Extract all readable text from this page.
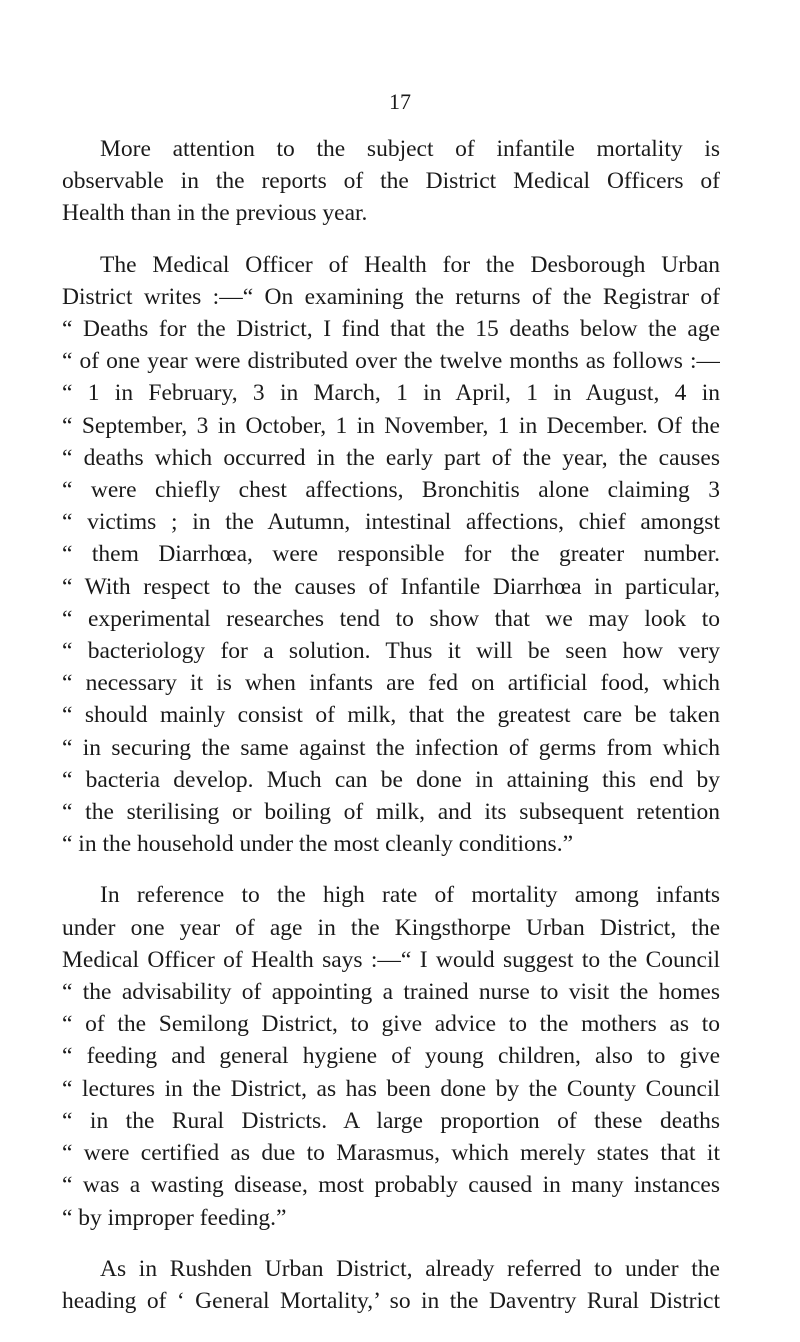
17
More attention to the subject of infantile mortality is
observable in the reports of the District Medical Officers of
Health than in the previous year.
The Medical Officer of Health for the Desborough Urban
District writes :—“ On examining the returns of the Registrar of
“ Deaths for the District, I find that the 15 deaths below the age
“ of one year were distributed over the twelve months as follows :—
“ 1 in February, 3 in March, 1 in April, 1 in August, 4 in
“ September, 3 in October, 1 in November, 1 in December. Of the
“ deaths which occurred in the early part of the year, the causes
“ were chiefly chest affections, Bronchitis alone claiming 3
“ victims ; in the Autumn, intestinal affections, chief amongst
“ them Diarrhœa, were responsible for the greater number.
“ With respect to the causes of Infantile Diarrhœa in particular,
“ experimental researches tend to show that we may look to
“ bacteriology for a solution. Thus it will be seen how very
“ necessary it is when infants are fed on artificial food, which
“ should mainly consist of milk, that the greatest care be taken
“ in securing the same against the infection of germs from which
“ bacteria develop. Much can be done in attaining this end by
“ the sterilising or boiling of milk, and its subsequent retention
“ in the household under the most cleanly conditions.”
In reference to the high rate of mortality among infants
under one year of age in the Kingsthorpe Urban District, the
Medical Officer of Health says :—“ I would suggest to the Council
“ the advisability of appointing a trained nurse to visit the homes
“ of the Semilong District, to give advice to the mothers as to
“ feeding and general hygiene of young children, also to give
“ lectures in the District, as has been done by the County Council
“ in the Rural Districts. A large proportion of these deaths
“ were certified as due to Marasmus, which merely states that it
“ was a wasting disease, most probably caused in many instances
“ by improper feeding.”
As in Rushden Urban District, already referred to under the
heading of ‘ General Mortality,’ so in the Daventry Rural District
